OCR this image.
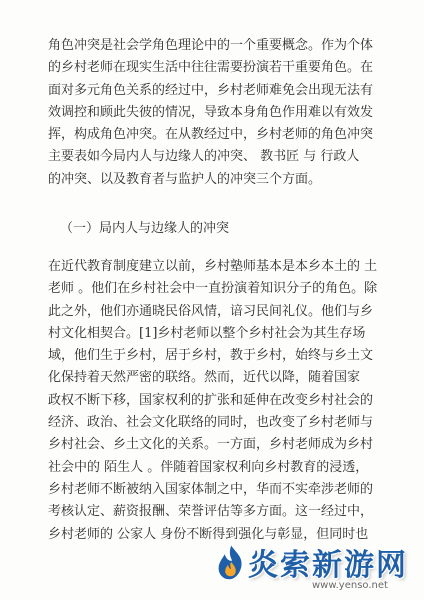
角色冲突是社会学角色理论中的一个重要概念。作为个体
的乡村老师在现实生活中往往需要扮演若干重要角色。在
面对多元角色关系的经过中，乡村老师难免会出现无法有
效调控和顾此失彼的情况，导致本身角色作用难以有效发
挥，构成角色冲突。在从教经过中，乡村老师的角色冲突
主要表如今局内人与边缘人的冲突、 教书匠 与 行政人
的冲突、以及教育者与监护人的冲突三个方面。

（一）局内人与边缘人的冲突

在近代教育制度建立以前，乡村塾师基本是本乡本土的 土
老师 。他们在乡村社会中一直扮演着知识分子的角色。除
此之外，他们亦通晓民俗风情，谙习民间礼仪。他们与乡
村文化相契合。[1]乡村老师以整个乡村社会为其生存场
域，他们生于乡村，居于乡村，教于乡村，始终与乡土文
化保持着天然严密的联络。然而，近代以降，随着国家
政权不断下移，国家权利的扩张和延伸在改变乡村社会的
经济、政治、社会文化联络的同时，也改变了乡村老师与
乡村社会、乡土文化的关系。一方面，乡村老师成为乡村
社会中的 陌生人 。伴随着国家权利向乡村教育的浸透，
乡村老师不断被纳入国家体制之中，华而不实牵涉老师的
考核认定、薪资报酬、荣誉评估等多方面。这一经过中，
乡村老师的 公家人 身份不断得到强化与彰显，但同时也
炎索新游网
www.yenso.net
